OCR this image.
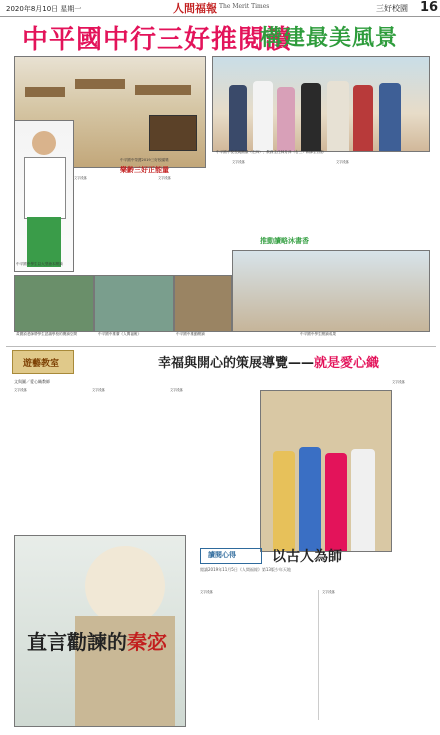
2020年8月10日 星期一	人間福報 The Merit Times	三好校園 16
中平國中行三好推閱讀
構建最美風景
中平國中榮獲2019三好校園獎
中平國中校長姚國禎（左四）、教務主任林芳萍（右三）和師生合影
中平國中學生以大型繪本閱讀
樂齡三好正能量

文字段落	文字段落

文字段落

推動讀略沐書香

文字段落

黃國禎老師帶學生認識學校的閱讀空間	中平國中推廣《人間福報》	中平國中推動閱讀	中平國中學生閱讀成果
遊藝教室	幸福與開心的策展導覽——就是愛心織
文與圖／愛心織教師

文字段落	文字段落	文字段落

文字段落

直言勸諫的秦宓
讀閱心得	以古人為師
閱讀2019年11月5日《人間福報》第13版少年天地

文字段落	文字段落
